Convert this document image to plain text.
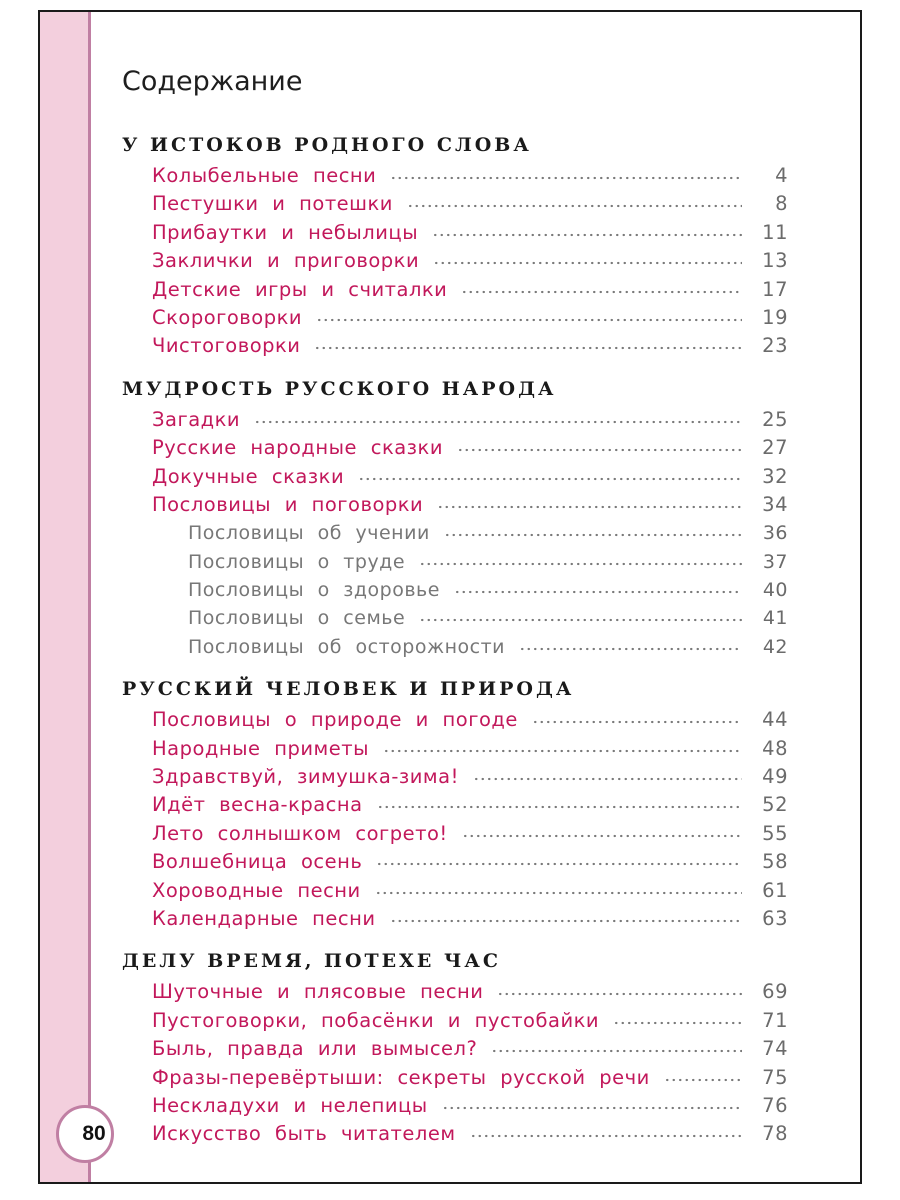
80
Содержание
У ИСТОКОВ РОДНОГО СЛОВА
Колыбельные песни	4
Пестушки и потешки	8
Прибаутки и небылицы	11
Заклички и приговорки	13
Детские игры и считалки	17
Скороговорки	19
Чистоговорки	23
МУДРОСТЬ РУССКОГО НАРОДА
Загадки	25
Русские народные сказки	27
Докучные сказки	32
Пословицы и поговорки	34
Пословицы об учении	36
Пословицы о труде	37
Пословицы о здоровье	40
Пословицы о семье	41
Пословицы об осторожности	42
РУССКИЙ ЧЕЛОВЕК И ПРИРОДА
Пословицы о природе и погоде	44
Народные приметы	48
Здравствуй, зимушка-зима!	49
Идёт весна-красна	52
Лето солнышком согрето!	55
Волшебница осень	58
Хороводные песни	61
Календарные песни	63
ДЕЛУ ВРЕМЯ, ПОТЕХЕ ЧАС
Шуточные и плясовые песни	69
Пустоговорки, побасёнки и пустобайки	71
Быль, правда или вымысел?	74
Фразы-перевёртыши: секреты русской речи	75
Нескладухи и нелепицы	76
Искусство быть читателем	78
